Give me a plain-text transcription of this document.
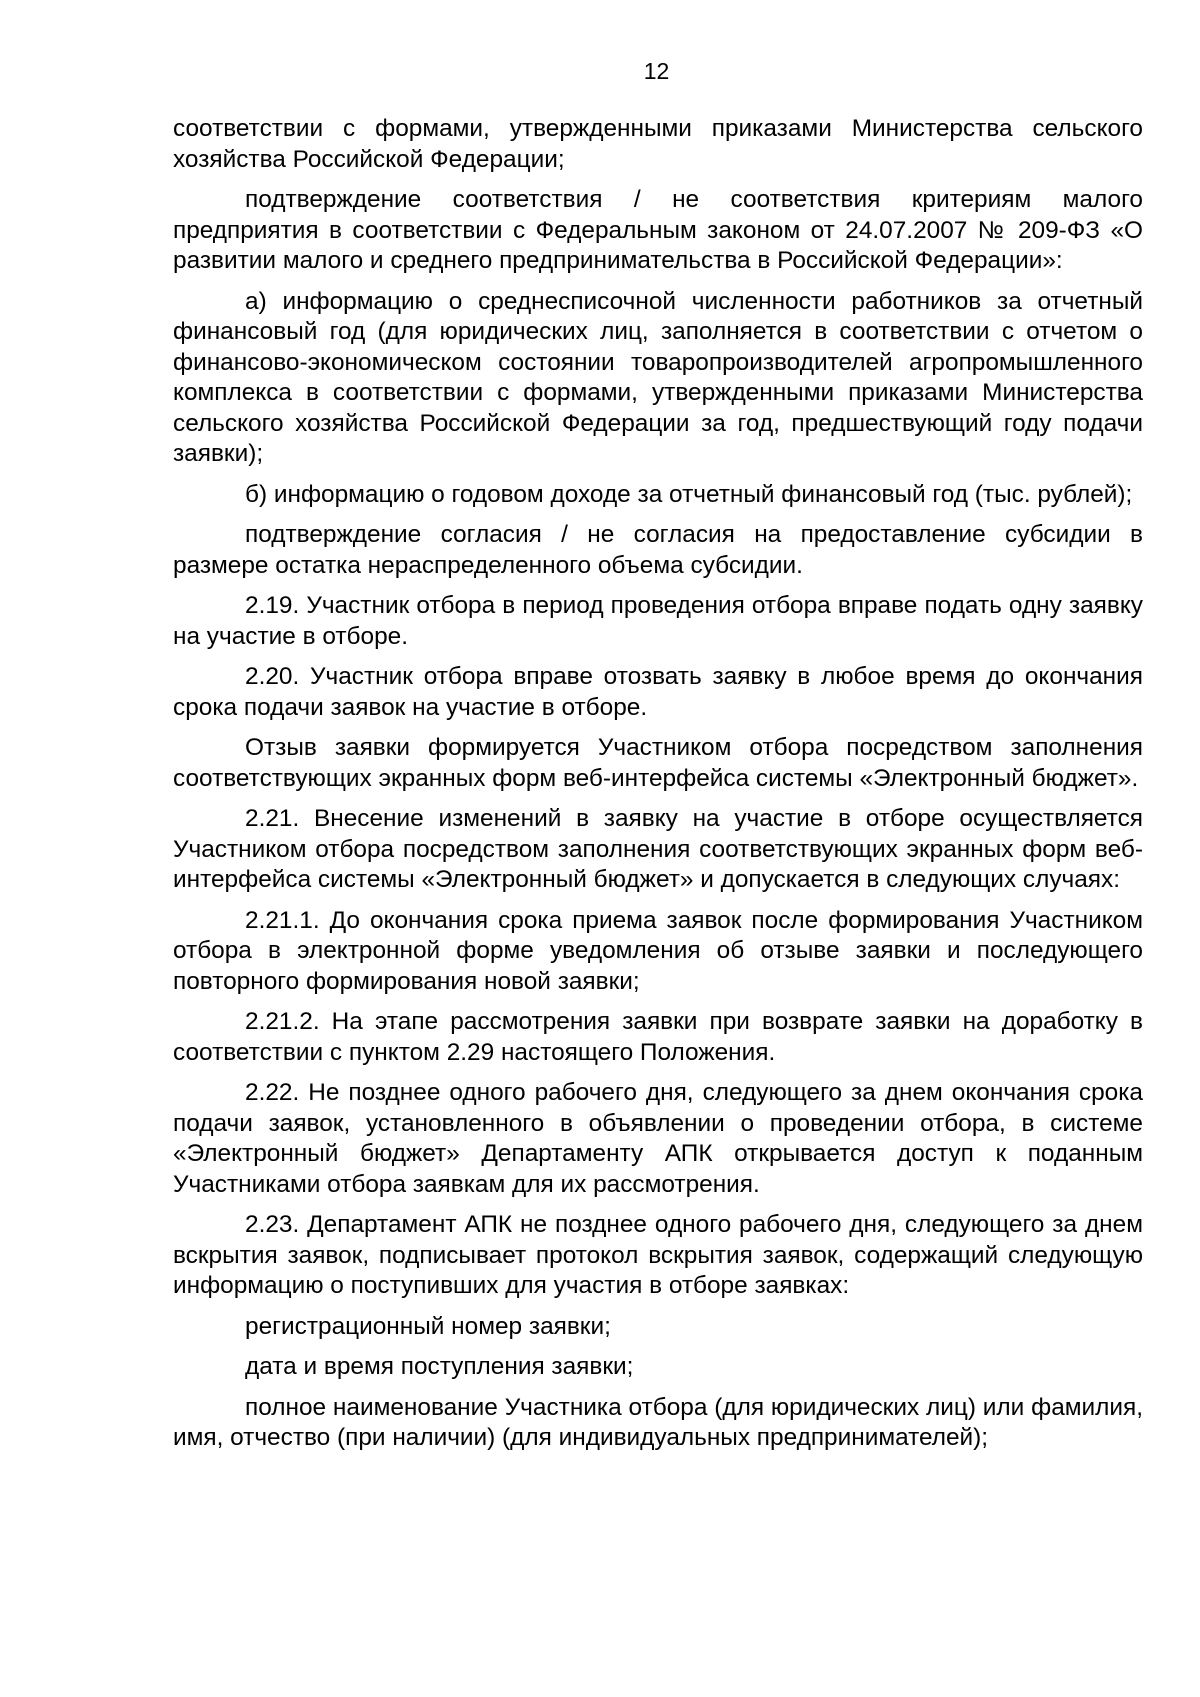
12

соответствии с формами, утвержденными приказами Министерства сельского хозяйства Российской Федерации;

подтверждение соответствия / не соответствия критериям малого предприятия в соответствии с Федеральным законом от 24.07.2007 № 209-ФЗ «О развитии малого и среднего предпринимательства в Российской Федерации»:

а) информацию о среднесписочной численности работников за отчетный финансовый год (для юридических лиц, заполняется в соответствии с отчетом о финансово-экономическом состоянии товаропроизводителей агропромышленного комплекса в соответствии с формами, утвержденными приказами Министерства сельского хозяйства Российской Федерации за год, предшествующий году подачи заявки);

б) информацию о годовом доходе за отчетный финансовый год (тыс. рублей);

подтверждение согласия / не согласия на предоставление субсидии в размере остатка нераспределенного объема субсидии.

2.19. Участник отбора в период проведения отбора вправе подать одну заявку на участие в отборе.

2.20. Участник отбора вправе отозвать заявку в любое время до окончания срока подачи заявок на участие в отборе.

Отзыв заявки формируется Участником отбора посредством заполнения соответствующих экранных форм веб-интерфейса системы «Электронный бюджет».

2.21. Внесение изменений в заявку на участие в отборе осуществляется Участником отбора посредством заполнения соответствующих экранных форм веб-интерфейса системы «Электронный бюджет» и допускается в следующих случаях:

2.21.1. До окончания срока приема заявок после формирования Участником отбора в электронной форме уведомления об отзыве заявки и последующего повторного формирования новой заявки;

2.21.2. На этапе рассмотрения заявки при возврате заявки на доработку в соответствии с пунктом 2.29 настоящего Положения.

2.22. Не позднее одного рабочего дня, следующего за днем окончания срока подачи заявок, установленного в объявлении о проведении отбора, в системе «Электронный бюджет» Департаменту АПК открывается доступ к поданным Участниками отбора заявкам для их рассмотрения.

2.23. Департамент АПК не позднее одного рабочего дня, следующего за днем вскрытия заявок, подписывает протокол вскрытия заявок, содержащий следующую информацию о поступивших для участия в отборе заявках:

регистрационный номер заявки;

дата и время поступления заявки;

полное наименование Участника отбора (для юридических лиц) или фамилия, имя, отчество (при наличии) (для индивидуальных предпринимателей);
